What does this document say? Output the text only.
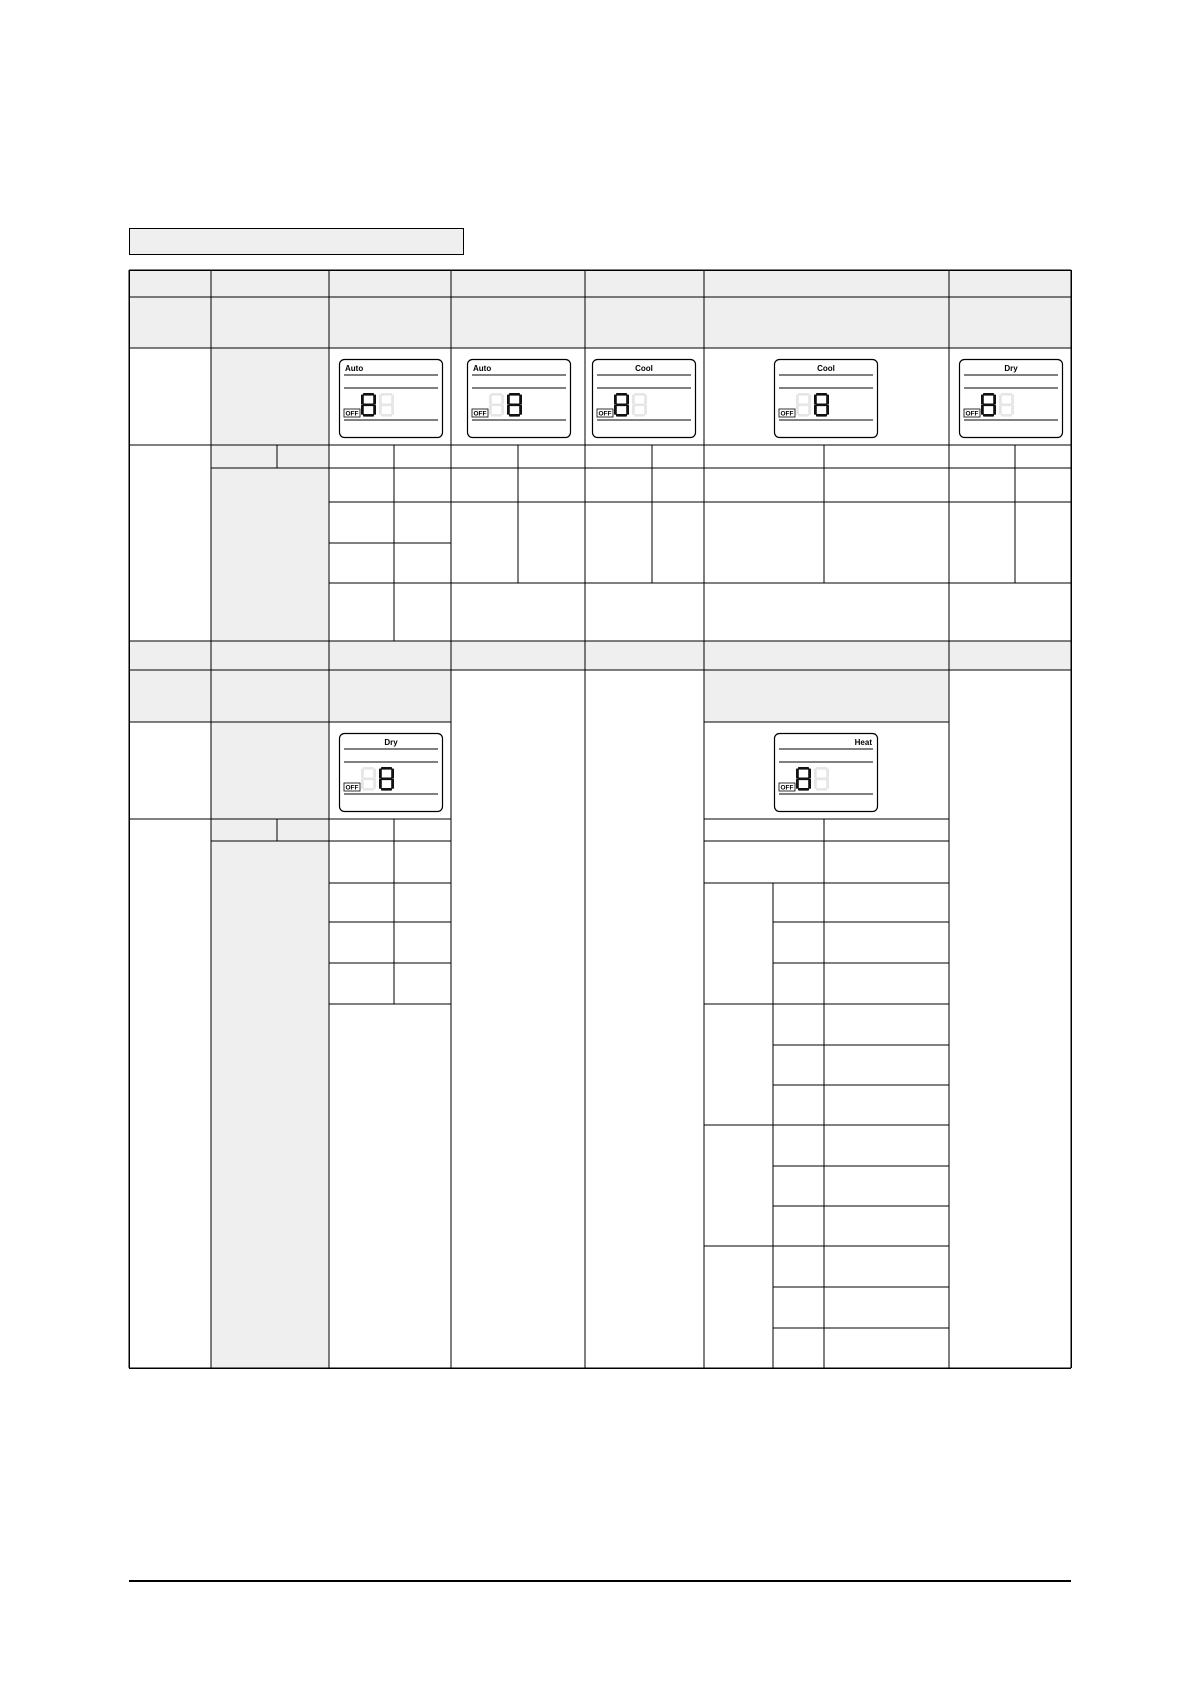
Auto
OFF
Auto
OFF
Cool
OFF
Cool
OFF
Dry
OFF
Dry
OFF
Heat
OFF
